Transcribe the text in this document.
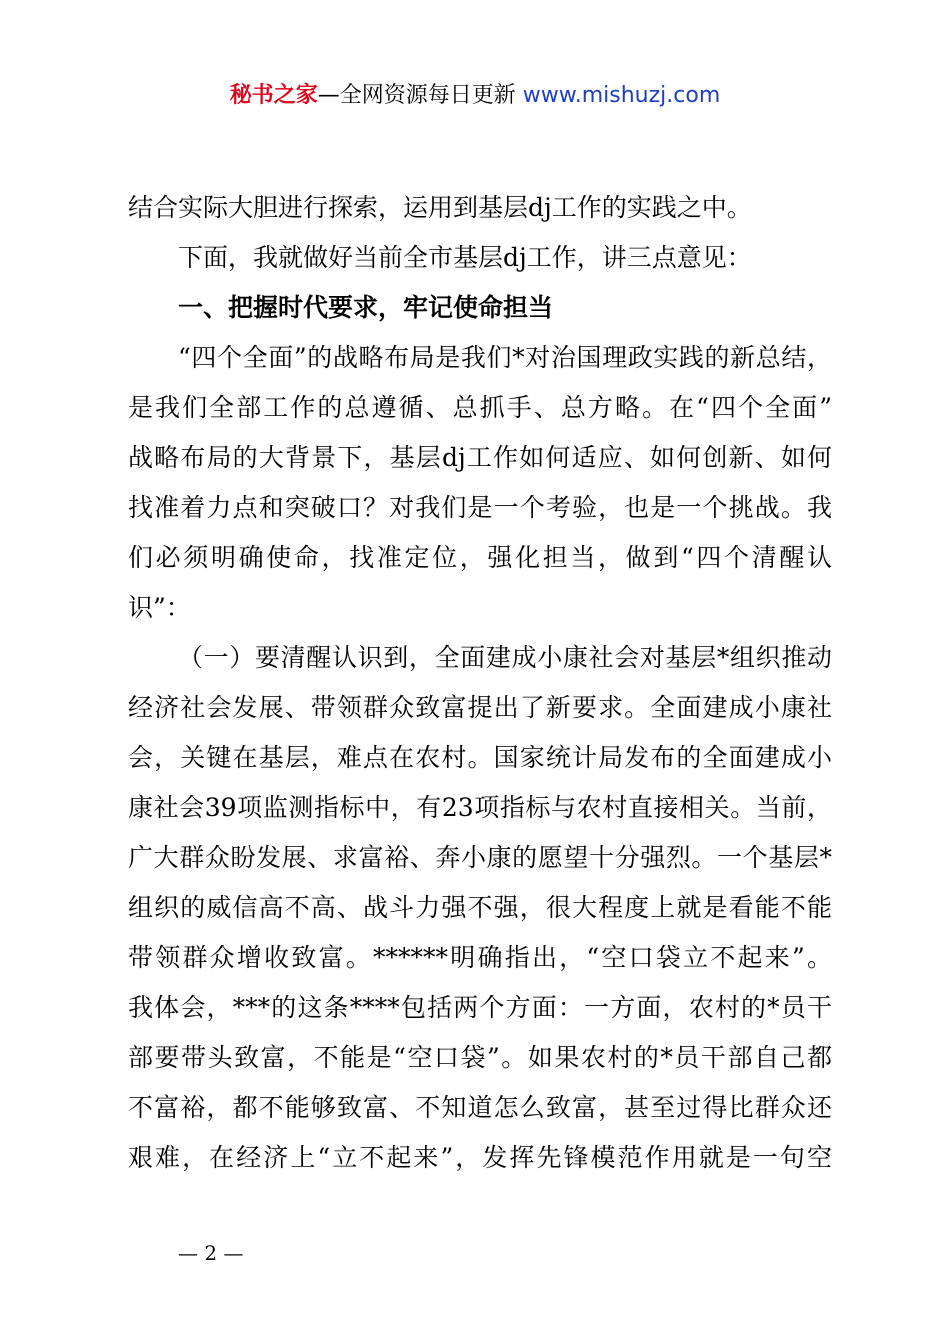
秘书之家—全网资源每日更新 www.mishuzj.com
结合实际大胆进行探索，运用到基层dj工作的实践之中。
下面，我就做好当前全市基层dj工作，讲三点意见：
一、把握时代要求，牢记使命担当
“四个全面”的战略布局是我们*对治国理政实践的新总结，
是我们全部工作的总遵循、总抓手、总方略。在“四个全面”
战略布局的大背景下，基层dj工作如何适应、如何创新、如何
找准着力点和突破口？对我们是一个考验，也是一个挑战。我
们必须明确使命，找准定位，强化担当，做到“四个清醒认
识”：
（一）要清醒认识到，全面建成小康社会对基层*组织推动
经济社会发展、带领群众致富提出了新要求。全面建成小康社
会，关键在基层，难点在农村。国家统计局发布的全面建成小
康社会39项监测指标中，有23项指标与农村直接相关。当前，
广大群众盼发展、求富裕、奔小康的愿望十分强烈。一个基层*
组织的威信高不高、战斗力强不强，很大程度上就是看能不能
带领群众增收致富。******明确指出，“空口袋立不起来”。
我体会，***的这条****包括两个方面：一方面，农村的*员干
部要带头致富，不能是“空口袋”。如果农村的*员干部自己都
不富裕，都不能够致富、不知道怎么致富，甚至过得比群众还
艰难，在经济上“立不起来”，发挥先锋模范作用就是一句空
— 2 —
